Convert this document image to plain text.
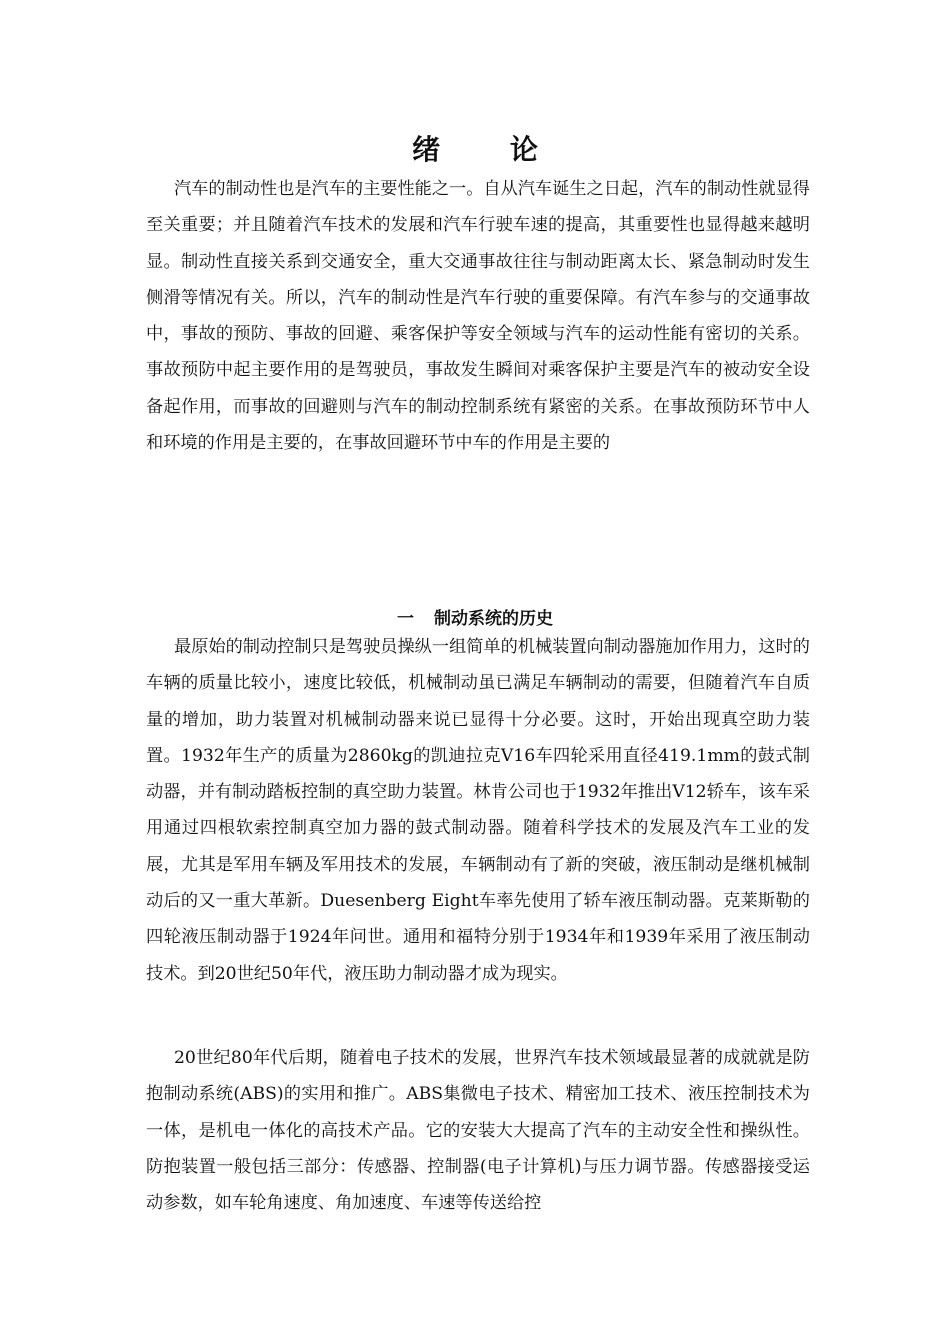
绪 论

汽车的制动性也是汽车的主要性能之一。自从汽车诞生之日起，汽车的制动性就显得至关重要；并且随着汽车技术的发展和汽车行驶车速的提高，其重要性也显得越来越明显。制动性直接关系到交通安全，重大交通事故往往与制动距离太长、紧急制动时发生侧滑等情况有关。所以，汽车的制动性是汽车行驶的重要保障。有汽车参与的交通事故中，事故的预防、事故的回避、乘客保护等安全领域与汽车的运动性能有密切的关系。事故预防中起主要作用的是驾驶员，事故发生瞬间对乘客保护主要是汽车的被动安全设备起作用，而事故的回避则与汽车的制动控制系统有紧密的关系。在事故预防环节中人和环境的作用是主要的，在事故回避环节中车的作用是主要的

一 制动系统的历史

最原始的制动控制只是驾驶员操纵一组简单的机械装置向制动器施加作用力，这时的车辆的质量比较小，速度比较低，机械制动虽已满足车辆制动的需要，但随着汽车自质量的增加，助力装置对机械制动器来说已显得十分必要。这时，开始出现真空助力装置。1932年生产的质量为2860kg的凯迪拉克V16车四轮采用直径419.1mm的鼓式制动器，并有制动踏板控制的真空助力装置。林肯公司也于1932年推出V12轿车，该车采用通过四根软索控制真空加力器的鼓式制动器。随着科学技术的发展及汽车工业的发展，尤其是军用车辆及军用技术的发展，车辆制动有了新的突破，液压制动是继机械制动后的又一重大革新。Duesenberg Eight车率先使用了轿车液压制动器。克莱斯勒的四轮液压制动器于1924年问世。通用和福特分别于1934年和1939年采用了液压制动技术。到20世纪50年代，液压助力制动器才成为现实。

20世纪80年代后期，随着电子技术的发展，世界汽车技术领域最显著的成就就是防抱制动系统(ABS)的实用和推广。ABS集微电子技术、精密加工技术、液压控制技术为一体，是机电一体化的高技术产品。它的安装大大提高了汽车的主动安全性和操纵性。防抱装置一般包括三部分：传感器、控制器(电子计算机)与压力调节器。传感器接受运动参数，如车轮角速度、角加速度、车速等传送给控
